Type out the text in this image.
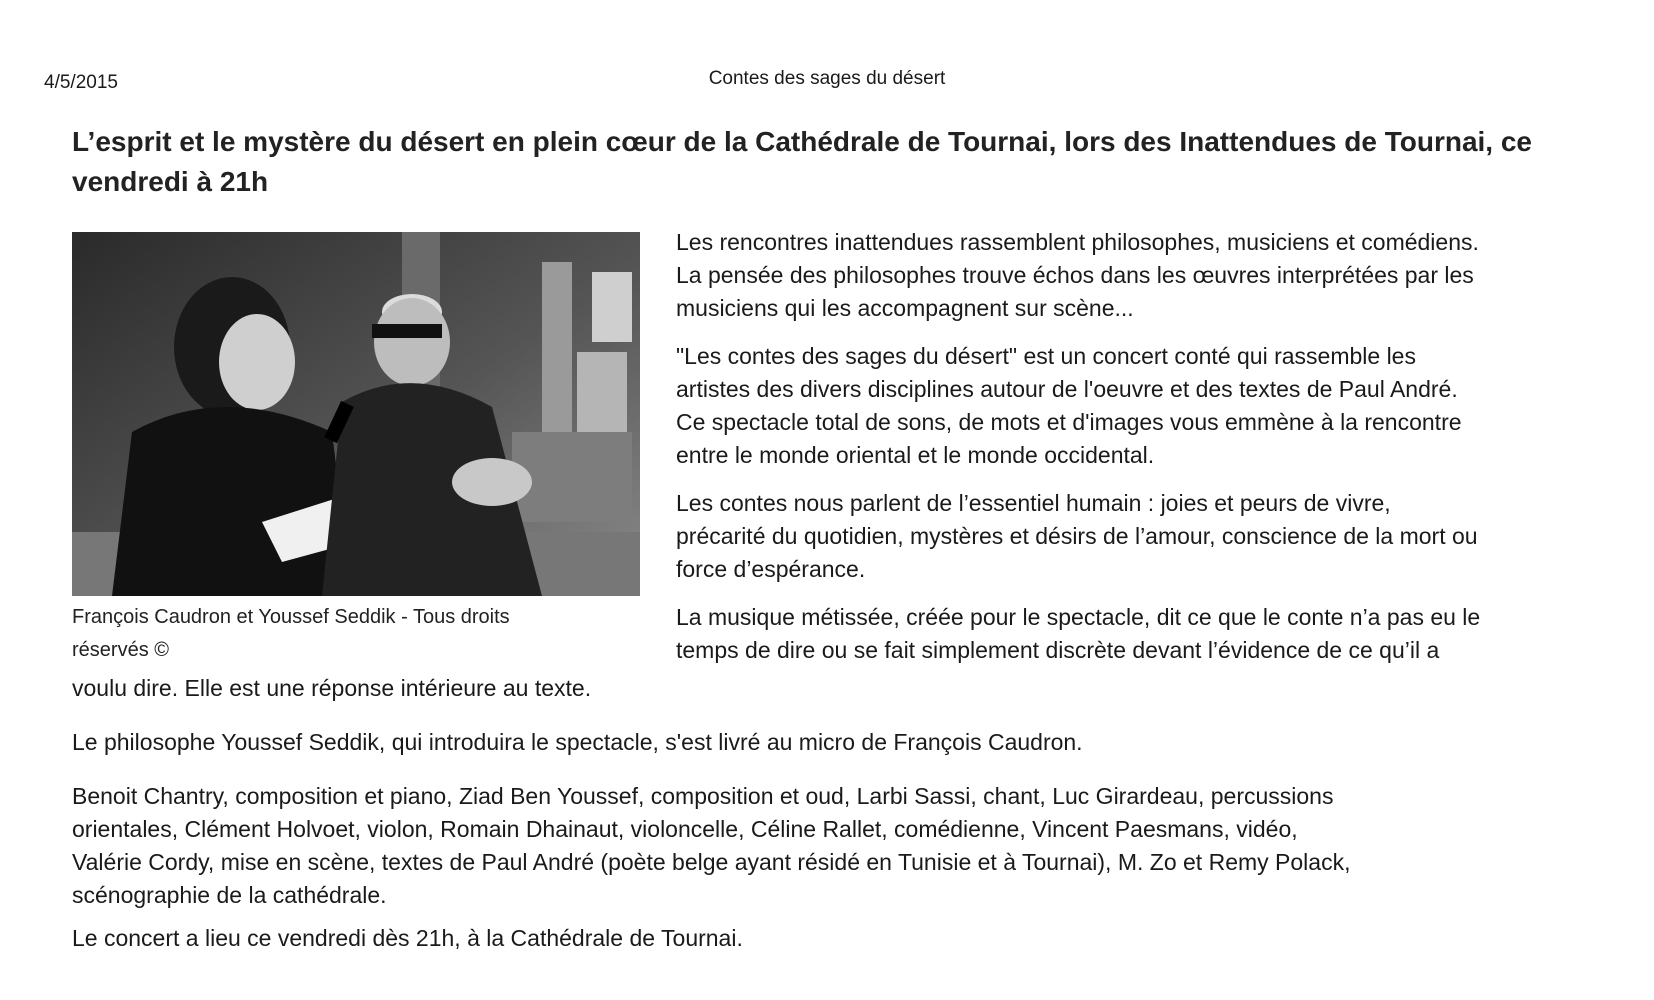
4/5/2015	Contes des sages du désert
L’esprit et le mystère du désert en plein cœur de la Cathédrale de Tournai, lors des Inattendues de Tournai, ce vendredi à 21h
François Caudron et Youssef Seddik - Tous droits
réservés ©

Les rencontres inattendues rassemblent philosophes, musiciens et comédiens.
La pensée des philosophes trouve échos dans les œuvres interprétées par les
musiciens qui les accompagnent sur scène...

"Les contes des sages du désert" est un concert conté qui rassemble les
artistes des divers disciplines autour de l'oeuvre et des textes de Paul André.
Ce spectacle total de sons, de mots et d'images vous emmène à la rencontre
entre le monde oriental et le monde occidental.

Les contes nous parlent de l’essentiel humain : joies et peurs de vivre,
précarité du quotidien, mystères et désirs de l’amour, conscience de la mort ou
force d’espérance.

La musique métissée, créée pour le spectacle, dit ce que le conte n’a pas eu le
temps de dire ou se fait simplement discrète devant l’évidence de ce qu’il a

voulu dire. Elle est une réponse intérieure au texte.
Le philosophe Youssef Seddik, qui introduira le spectacle, s'est livré au micro de François Caudron.

Benoit Chantry, composition et piano, Ziad Ben Youssef, composition et oud, Larbi Sassi, chant, Luc Girardeau, percussions

orientales, Clément Holvoet, violon, Romain Dhainaut, violoncelle, Céline Rallet, comédienne, Vincent Paesmans, vidéo,

Valérie Cordy, mise en scène, textes de Paul André (poète belge ayant résidé en Tunisie et à Tournai), M. Zo et Remy Polack,

scénographie de la cathédrale.

Le concert a lieu ce vendredi dès 21h, à la Cathédrale de Tournai.
